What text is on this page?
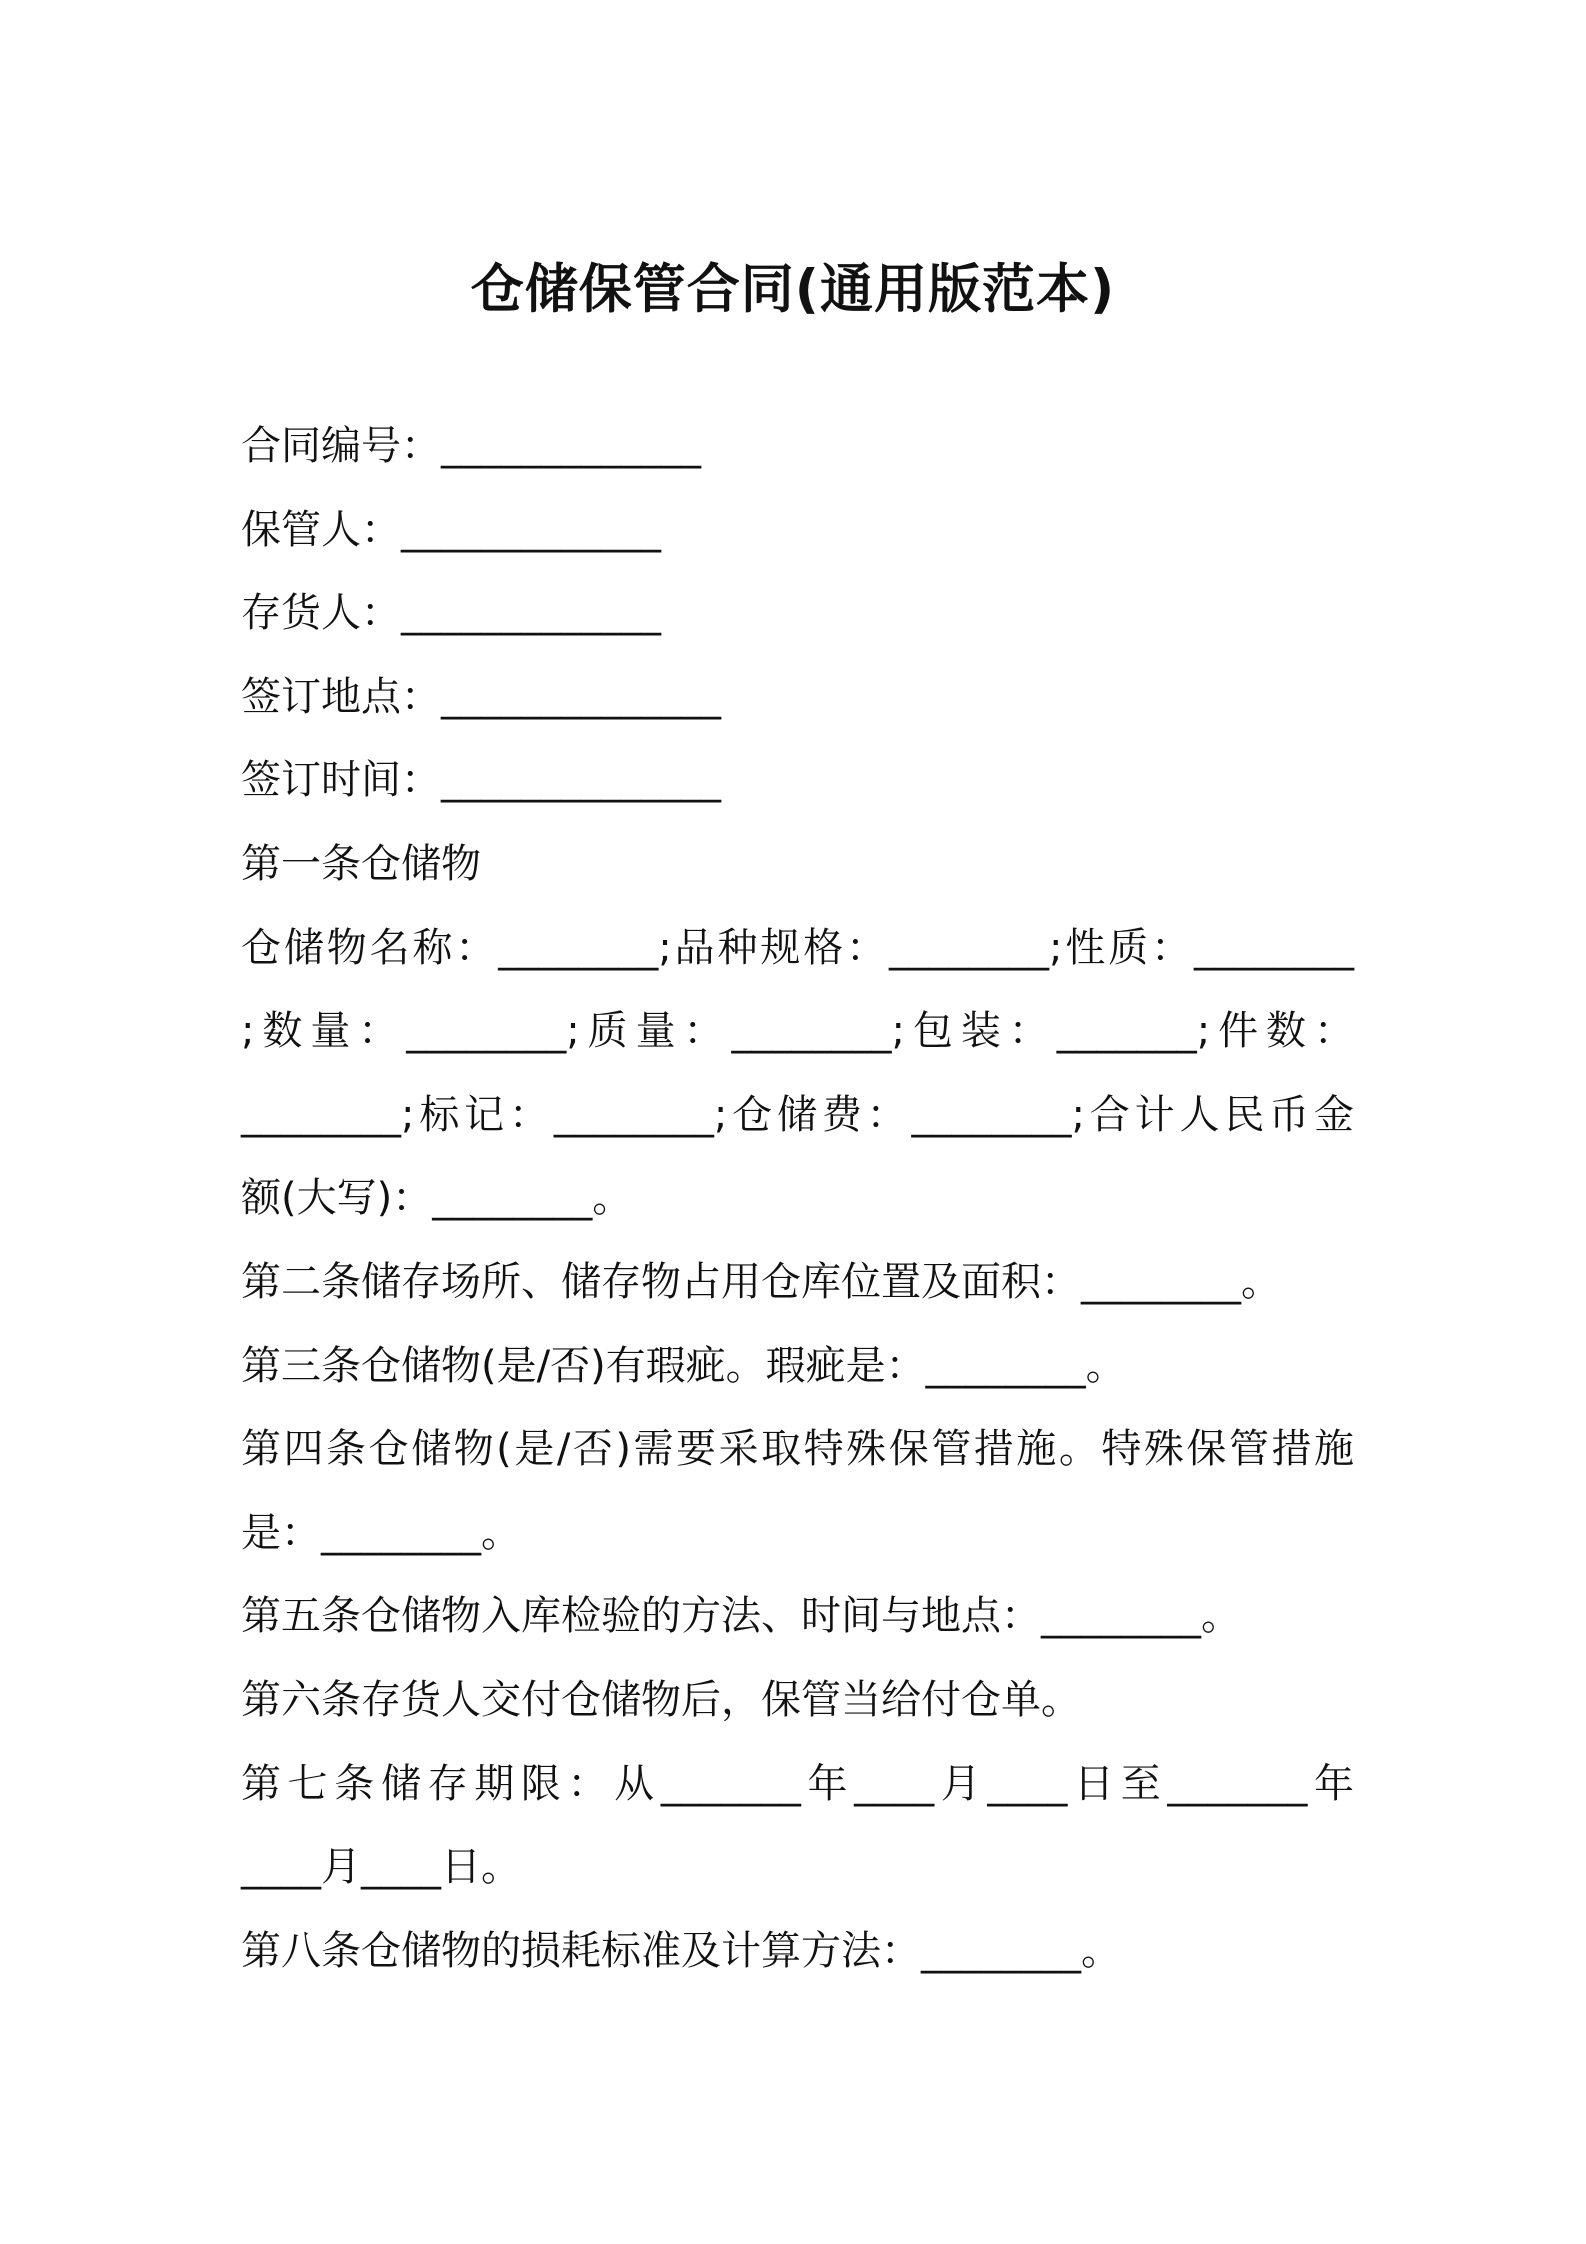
仓储保管合同(通用版范本)
合同编号：_____________
保管人：_____________
存货人：_____________
签订地点：______________
签订时间：______________
第一条仓储物
仓储物名称：________;品种规格：________;性质：________
;数量：________;质量：________;包装：_______;件数：
________;标记：________;仓储费：________;合计人民币金
额(大写)：________。
第二条储存场所、储存物占用仓库位置及面积：________。
第三条仓储物(是/否)有瑕疵。瑕疵是：________。
第四条仓储物(是/否)需要采取特殊保管措施。特殊保管措施
是：________。
第五条仓储物入库检验的方法、时间与地点：________。
第六条存货人交付仓储物后，保管当给付仓单。
第七条储存期限：从_______年____月____日至_______年
____月____日。
第八条仓储物的损耗标准及计算方法：________。
